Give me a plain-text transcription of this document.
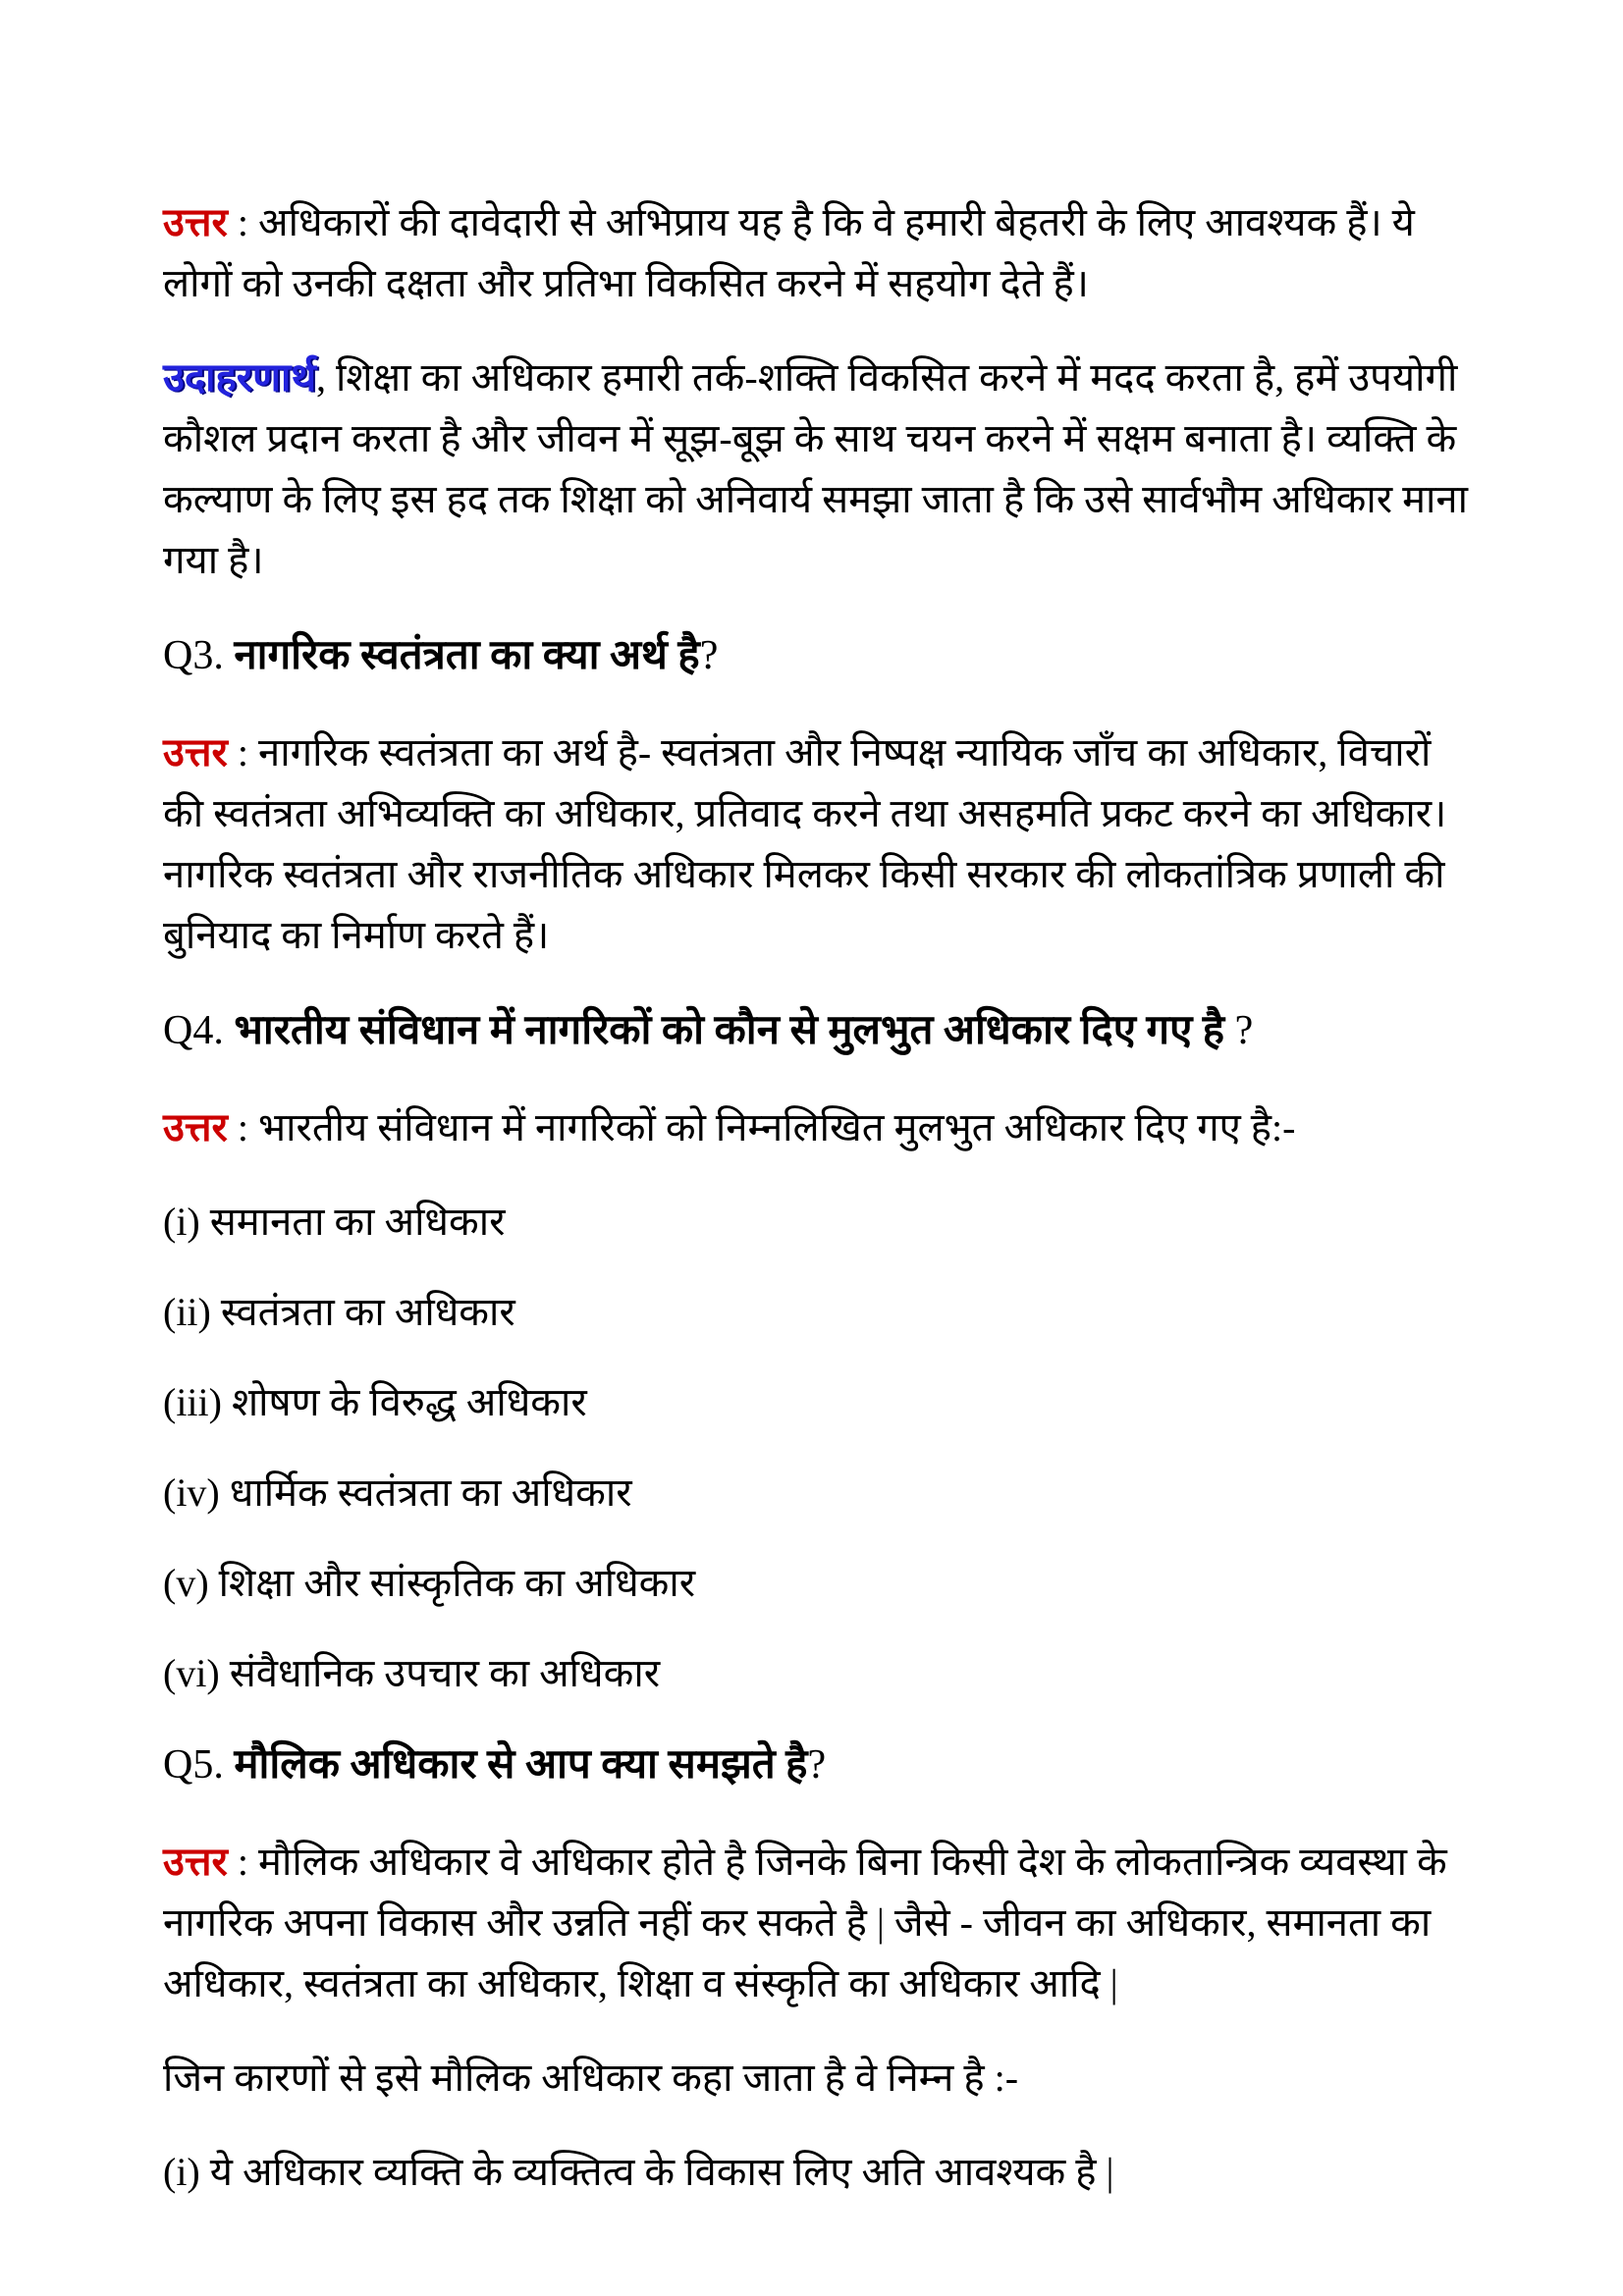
उत्तर : अधिकारों की दावेदारी से अभिप्राय यह है कि वे हमारी बेहतरी के लिए आवश्यक हैं। ये लोगों को उनकी दक्षता और प्रतिभा विकसित करने में सहयोग देते हैं।

उदाहरणार्थ, शिक्षा का अधिकार हमारी तर्क-शक्ति विकसित करने में मदद करता है, हमें उपयोगी कौशल प्रदान करता है और जीवन में सूझ-बूझ के साथ चयन करने में सक्षम बनाता है। व्यक्ति के कल्याण के लिए इस हद तक शिक्षा को अनिवार्य समझा जाता है कि उसे सार्वभौम अधिकार माना गया है।

Q3. नागरिक स्वतंत्रता का क्या अर्थ है?

उत्तर : नागरिक स्वतंत्रता का अर्थ है- स्वतंत्रता और निष्पक्ष न्यायिक जाँच का अधिकार, विचारों की स्वतंत्रता अभिव्यक्ति का अधिकार, प्रतिवाद करने तथा असहमति प्रकट करने का अधिकार। नागरिक स्वतंत्रता और राजनीतिक अधिकार मिलकर किसी सरकार की लोकतांत्रिक प्रणाली की बुनियाद का निर्माण करते हैं।

Q4. भारतीय संविधान में नागरिकों को कौन से मुलभुत अधिकार दिए गए है ?

उत्तर : भारतीय संविधान में नागरिकों को निम्नलिखित मुलभुत अधिकार दिए गए है:-

(i) समानता का अधिकार

(ii) स्वतंत्रता का अधिकार

(iii) शोषण के विरुद्ध अधिकार

(iv) धार्मिक स्वतंत्रता का अधिकार

(v) शिक्षा और सांस्कृतिक का अधिकार

(vi) संवैधानिक उपचार का अधिकार

Q5. मौलिक अधिकार से आप क्या समझते है?

उत्तर : मौलिक अधिकार वे अधिकार होते है जिनके बिना किसी देश के लोकतान्त्रिक व्यवस्था के नागरिक अपना विकास और उन्नति नहीं कर सकते है | जैसे - जीवन का अधिकार, समानता का अधिकार, स्वतंत्रता का अधिकार, शिक्षा व संस्कृति का अधिकार आदि |

जिन कारणों से इसे मौलिक अधिकार कहा जाता है वे निम्न है :-

(i) ये अधिकार व्यक्ति के व्यक्तित्व के विकास लिए अति आवश्यक है |
